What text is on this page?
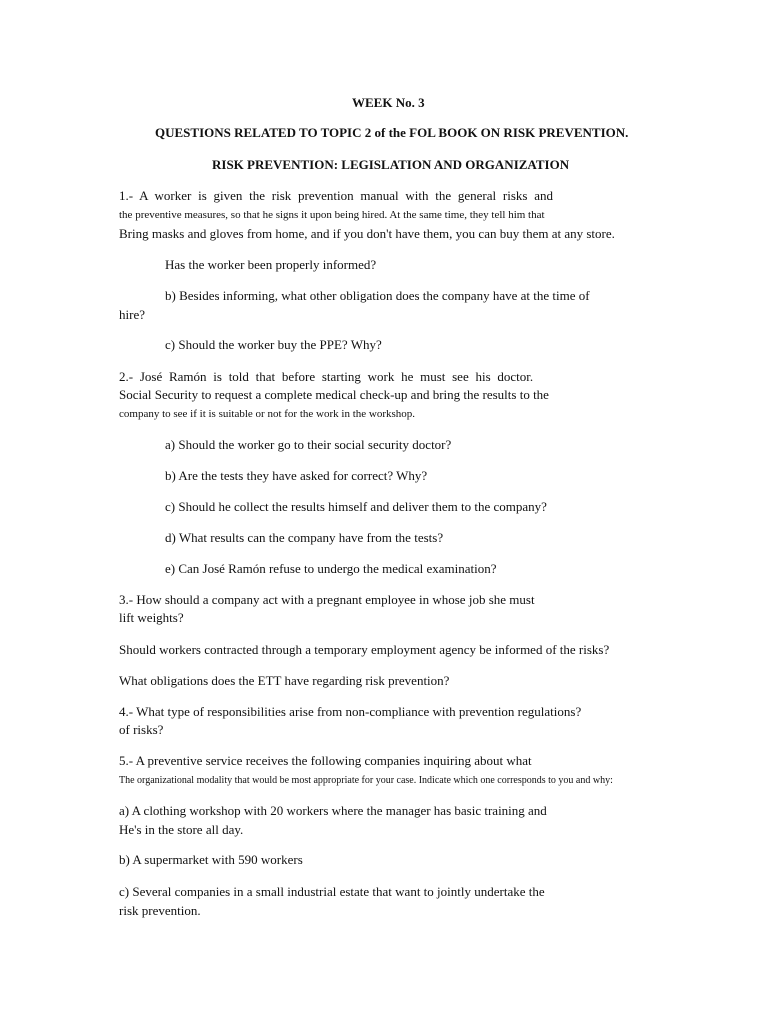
WEEK No. 3
QUESTIONS RELATED TO TOPIC 2 of the FOL BOOK ON RISK PREVENTION.
RISK PREVENTION: LEGISLATION AND ORGANIZATION
1.- A worker is given the risk prevention manual with the general risks and
the preventive measures, so that he signs it upon being hired. At the same time, they tell him that
Bring masks and gloves from home, and if you don't have them, you can buy them at any store.
Has the worker been properly informed?
b) Besides informing, what other obligation does the company have at the time of
hire?
c) Should the worker buy the PPE? Why?
2.- José Ramón is told that before starting work he must see his doctor.
Social Security to request a complete medical check-up and bring the results to the
company to see if it is suitable or not for the work in the workshop.
a) Should the worker go to their social security doctor?
b) Are the tests they have asked for correct? Why?
c) Should he collect the results himself and deliver them to the company?
d) What results can the company have from the tests?
e) Can José Ramón refuse to undergo the medical examination?
3.- How should a company act with a pregnant employee in whose job she must
lift weights?
Should workers contracted through a temporary employment agency be informed of the risks?
What obligations does the ETT have regarding risk prevention?
4.- What type of responsibilities arise from non-compliance with prevention regulations?
of risks?
5.- A preventive service receives the following companies inquiring about what
The organizational modality that would be most appropriate for your case. Indicate which one corresponds to you and why:
a) A clothing workshop with 20 workers where the manager has basic training and
He's in the store all day.
b) A supermarket with 590 workers
c) Several companies in a small industrial estate that want to jointly undertake the
risk prevention.
